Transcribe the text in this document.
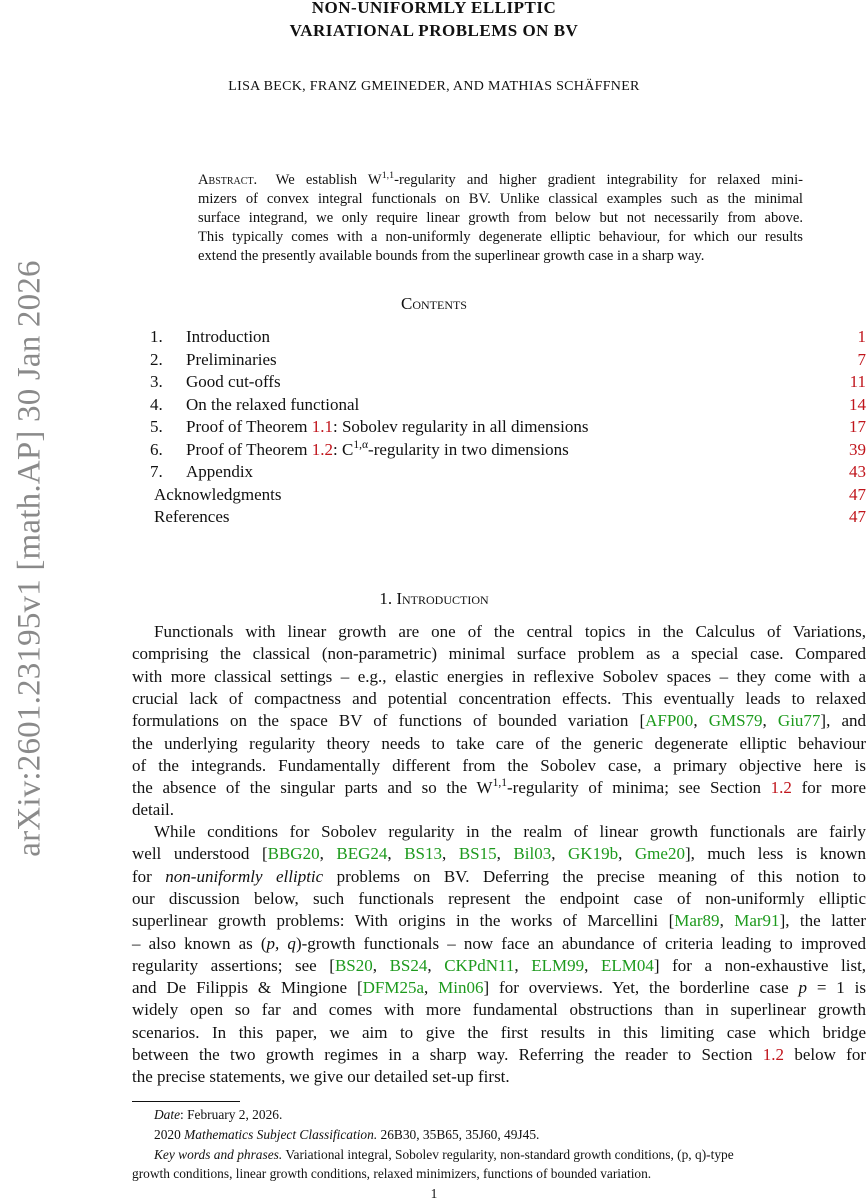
arXiv:2601.23195v1 [math.AP] 30 Jan 2026
NON-UNIFORMLY ELLIPTIC
VARIATIONAL PROBLEMS ON BV
LISA BECK, FRANZ GMEINEDER, AND MATHIAS SCHÄFFNER
Abstract.  We establish W$^{1,1}$-regularity and higher gradient integrability for relaxed mini-
mizers of convex integral functionals on BV. Unlike classical examples such as the minimal
surface integrand, we only require linear growth from below but not necessarily from above.
This typically comes with a non-uniformly degenerate elliptic behaviour, for which our results
extend the presently available bounds from the superlinear growth case in a sharp way.
Contents
1. Introduction	1
2. Preliminaries	7
3. Good cut-offs	11
4. On the relaxed functional	14
5. Proof of Theorem 1.1: Sobolev regularity in all dimensions	17
6. Proof of Theorem 1.2: $C^{1,\alpha}$-regularity in two dimensions	39
7. Appendix	43
Acknowledgments	47
References	47
1. Introduction
Functionals with linear growth are one of the central topics in the Calculus of Variations,
comprising the classical (non-parametric) minimal surface problem as a special case. Compared
with more classical settings – e.g., elastic energies in reflexive Sobolev spaces – they come with a
crucial lack of compactness and potential concentration effects. This eventually leads to relaxed
formulations on the space BV of functions of bounded variation [AFP00, GMS79, Giu77], and
the underlying regularity theory needs to take care of the generic degenerate elliptic behaviour
of the integrands. Fundamentally different from the Sobolev case, a primary objective here is
the absence of the singular parts and so the W$^{1,1}$-regularity of minima; see Section 1.2 for more
detail.
While conditions for Sobolev regularity in the realm of linear growth functionals are fairly
well understood [BBG20, BEG24, BS13, BS15, Bil03, GK19b, Gme20], much less is known
for non-uniformly elliptic problems on BV. Deferring the precise meaning of this notion to
our discussion below, such functionals represent the endpoint case of non-uniformly elliptic
superlinear growth problems: With origins in the works of Marcellini [Mar89, Mar91], the latter
– also known as (p, q)-growth functionals – now face an abundance of criteria leading to improved
regularity assertions; see [BS20, BS24, CKPdN11, ELM99, ELM04] for a non-exhaustive list,
and De Filippis & Mingione [DFM25a, Min06] for overviews. Yet, the borderline case p = 1 is
widely open so far and comes with more fundamental obstructions than in superlinear growth
scenarios. In this paper, we aim to give the first results in this limiting case which bridge
between the two growth regimes in a sharp way. Referring the reader to Section 1.2 below for
the precise statements, we give our detailed set-up first.
Date: February 2, 2026.
2020 Mathematics Subject Classification. 26B30, 35B65, 35J60, 49J45.
Key words and phrases. Variational integral, Sobolev regularity, non-standard growth conditions, (p, q)-type
growth conditions, linear growth conditions, relaxed minimizers, functions of bounded variation.
1
